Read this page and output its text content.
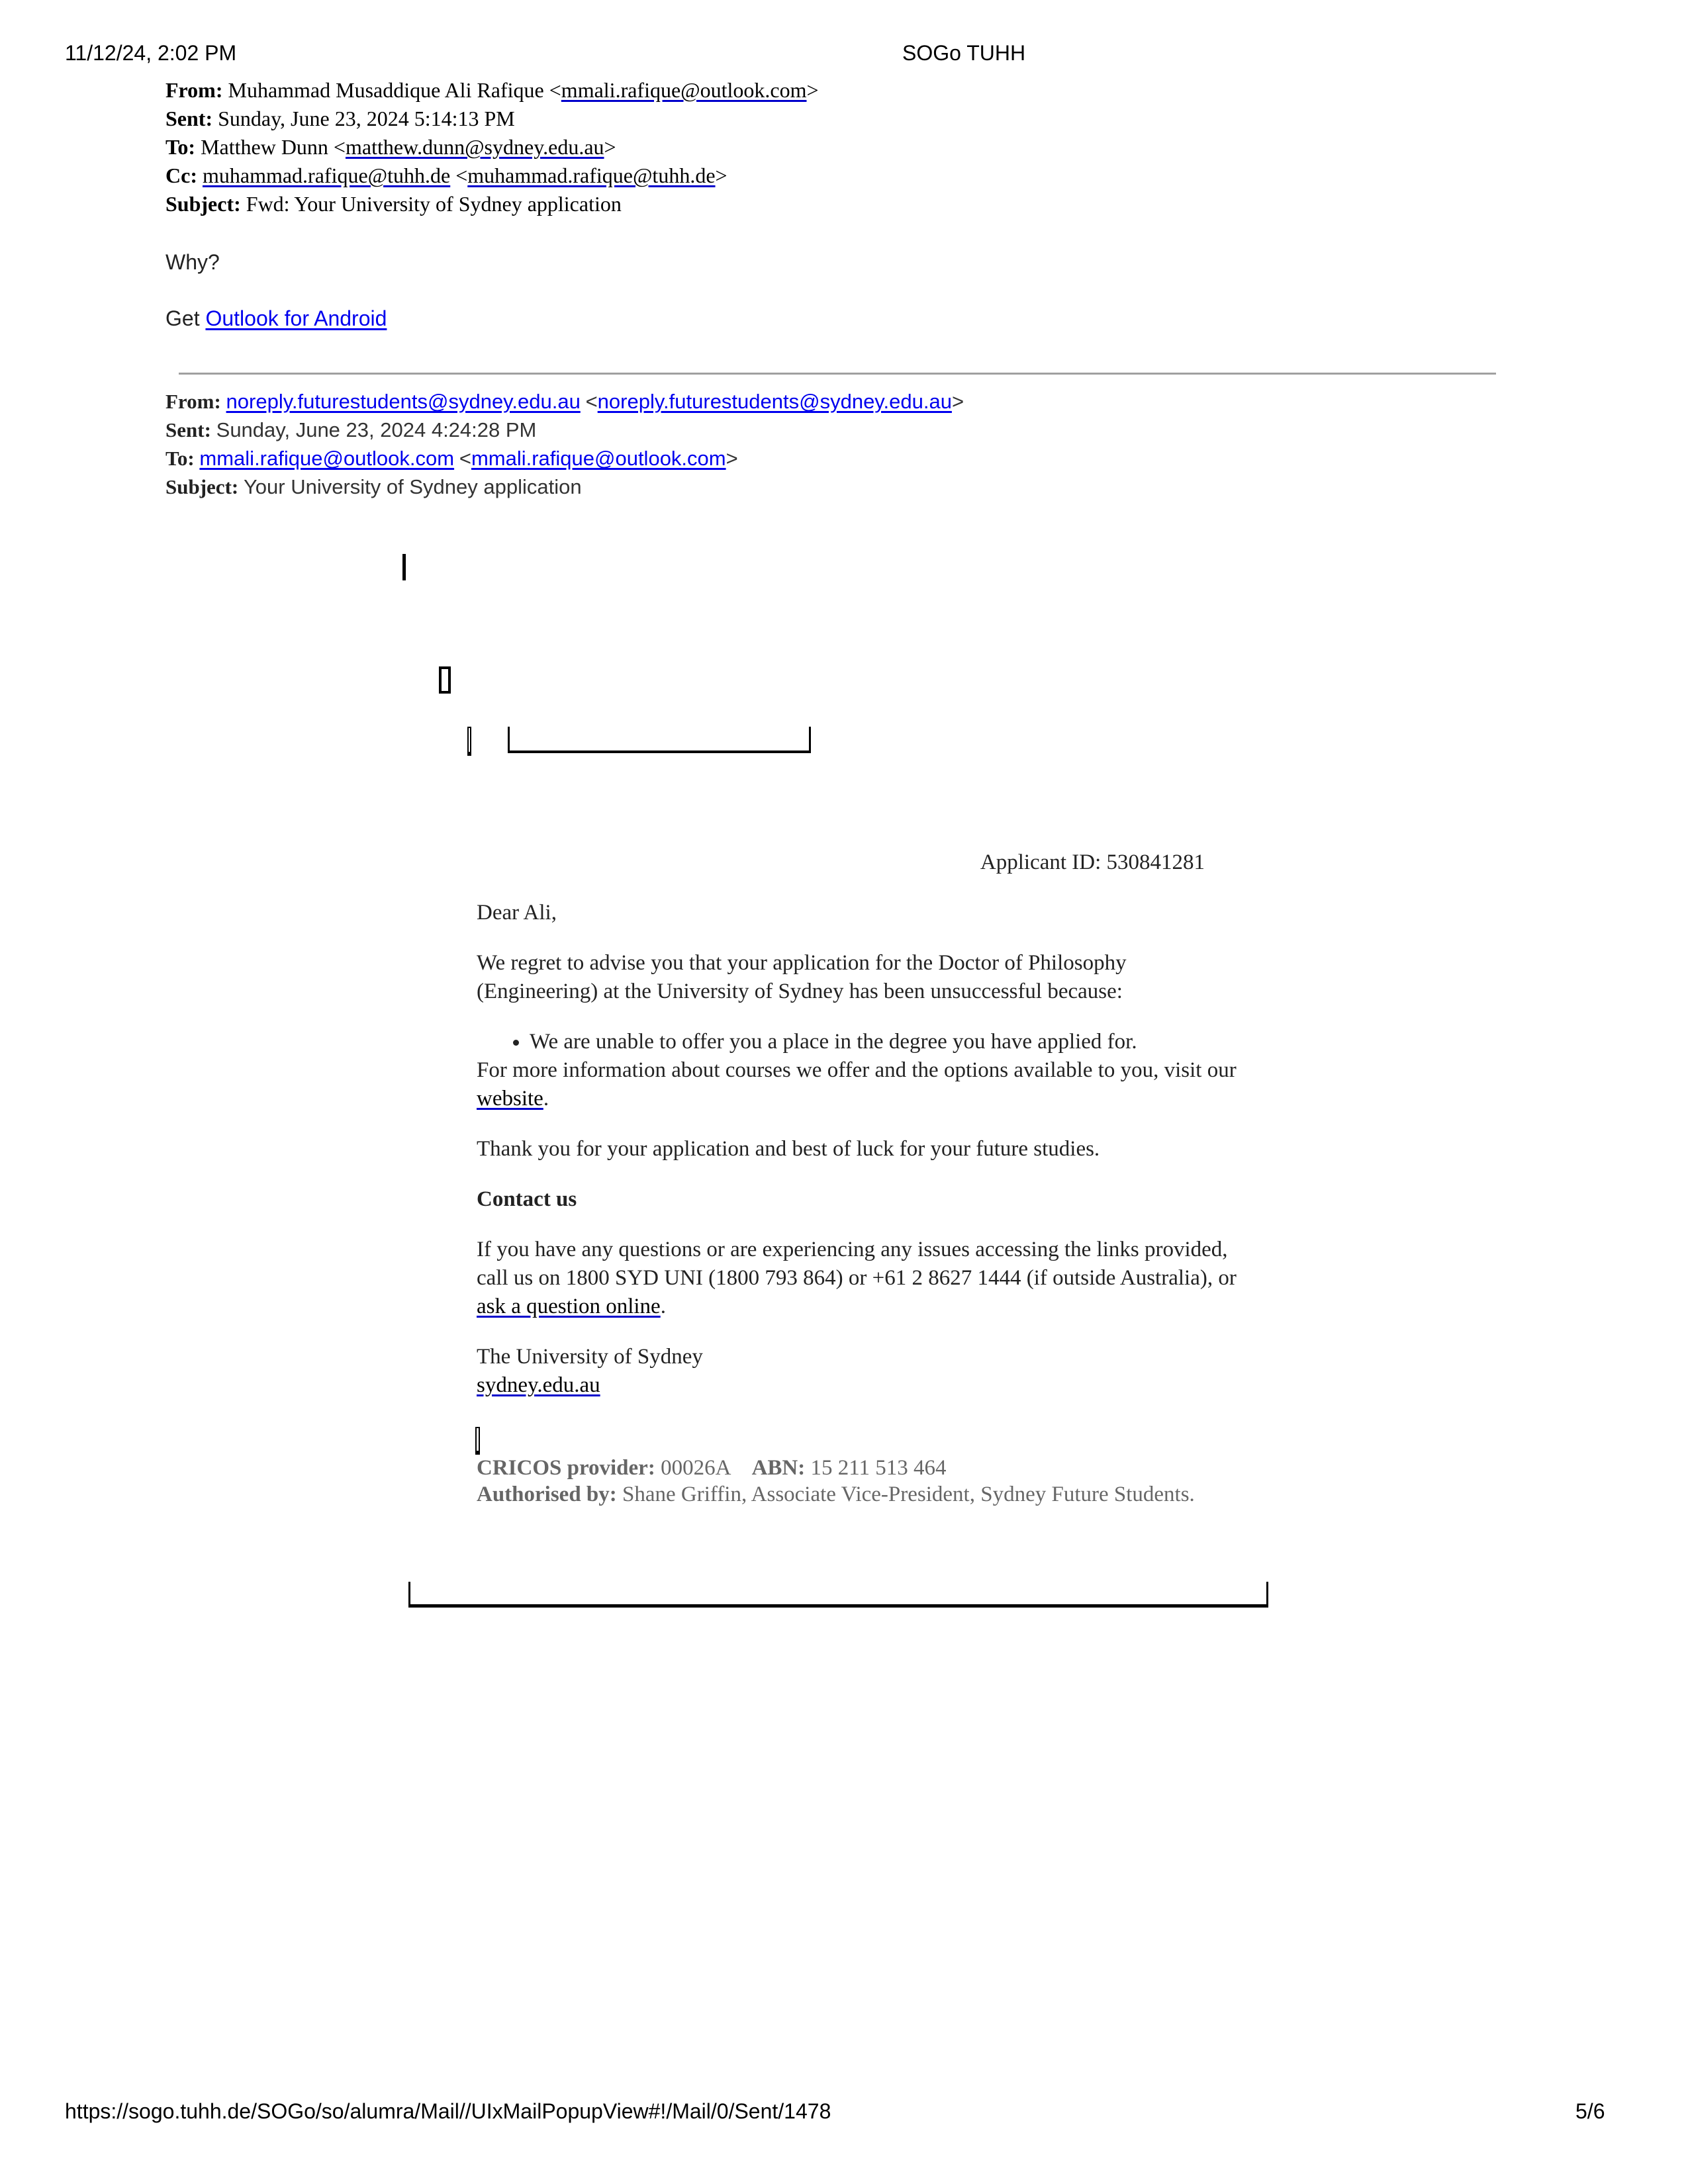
11/12/24, 2:02 PM	SOGo TUHH
From: Muhammad Musaddique Ali Rafique <mmali.rafique@outlook.com>
Sent: Sunday, June 23, 2024 5:14:13 PM
To: Matthew Dunn <matthew.dunn@sydney.edu.au>
Cc: muhammad.rafique@tuhh.de <muhammad.rafique@tuhh.de>
Subject: Fwd: Your University of Sydney application
Why?
Get Outlook for Android
From: noreply.futurestudents@sydney.edu.au <noreply.futurestudents@sydney.edu.au>
Sent: Sunday, June 23, 2024 4:24:28 PM
To: mmali.rafique@outlook.com <mmali.rafique@outlook.com>
Subject: Your University of Sydney application
Applicant ID: 530841281

Dear Ali,

We regret to advise you that your application for the Doctor of Philosophy (Engineering) at the University of Sydney has been unsuccessful because:

• We are unable to offer you a place in the degree you have applied for.

For more information about courses we offer and the options available to you, visit our website.

Thank you for your application and best of luck for your future studies.

Contact us

If you have any questions or are experiencing any issues accessing the links provided, call us on 1800 SYD UNI (1800 793 864) or +61 2 8627 1444 (if outside Australia), or ask a question online.

The University of Sydney

sydney.edu.au

CRICOS provider: 00026A ABN: 15 211 513 464
Authorised by: Shane Griffin, Associate Vice-President, Sydney Future Students.
https://sogo.tuhh.de/SOGo/so/alumra/Mail//UIxMailPopupView#!/Mail/0/Sent/1478	5/6
